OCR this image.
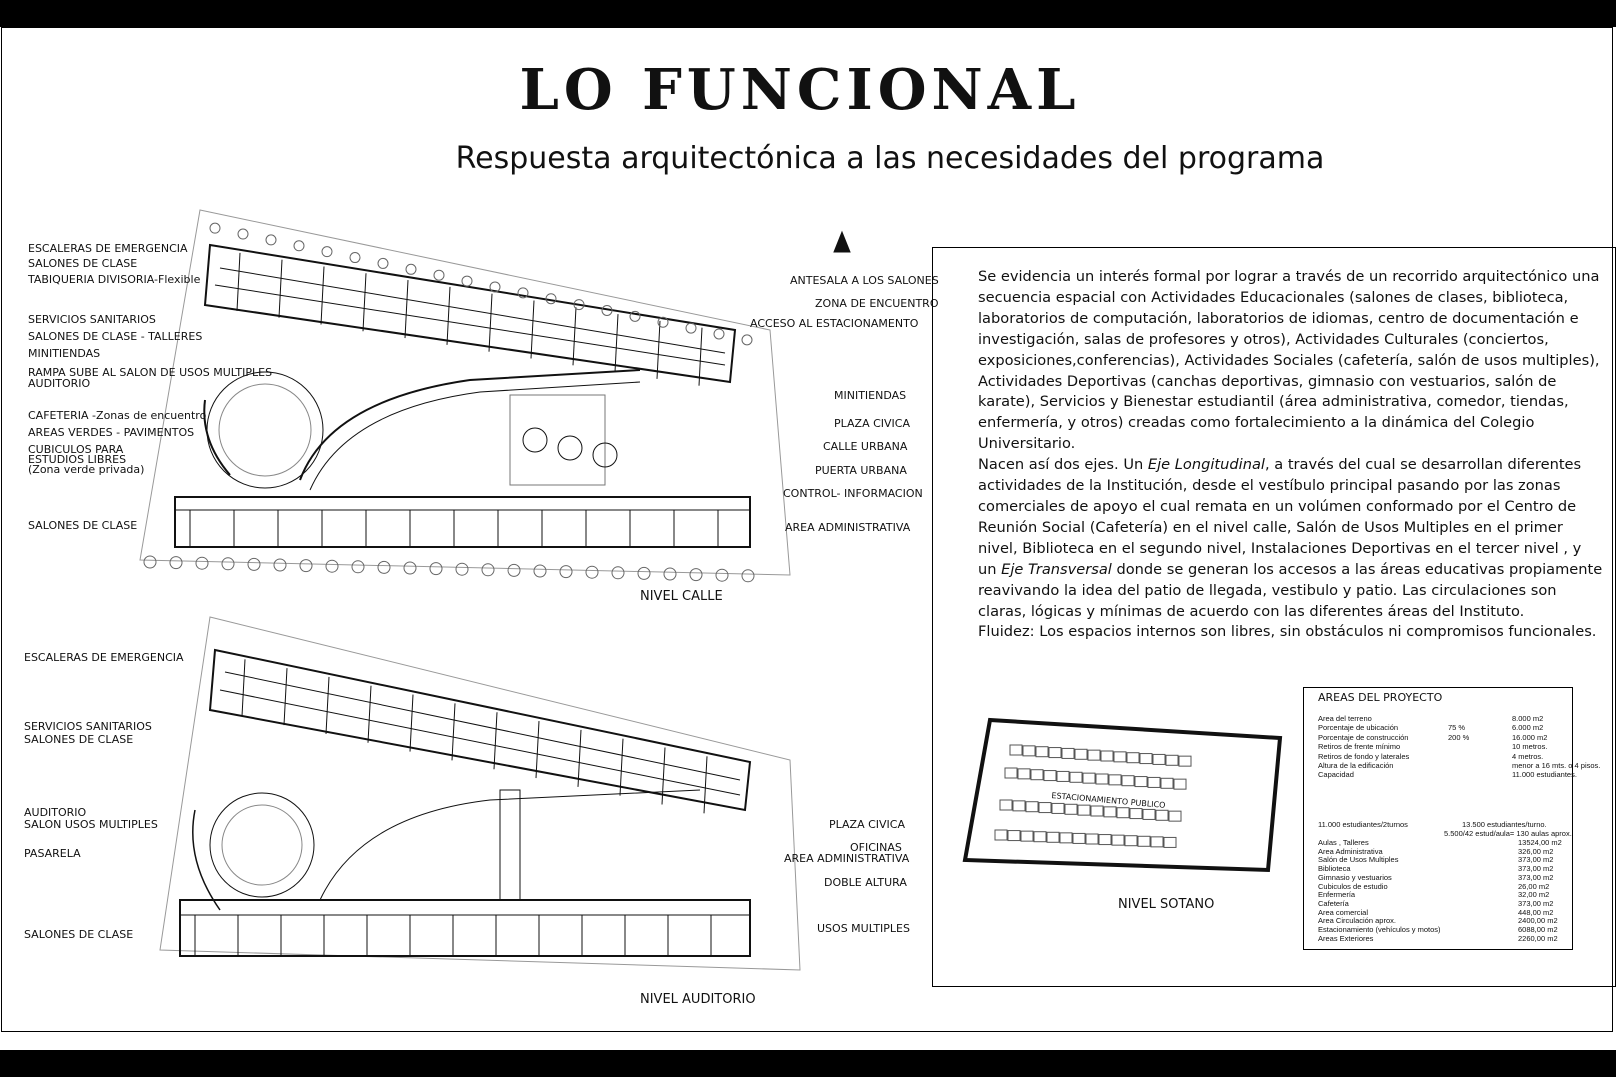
LO FUNCIONAL
Respuesta arquitectónica a las necesidades del programa
ESCALERAS DE EMERGENCIA
SALONES DE CLASE
TABIQUERIA DIVISORIA-Flexible
SERVICIOS SANITARIOS
SALONES DE CLASE - TALLERES
MINITIENDAS
RAMPA SUBE AL SALON DE USOS MULTIPLES
AUDITORIO
CAFETERIA -Zonas de encuentro
AREAS VERDES - PAVIMENTOS
CUBICULOS PARA
ESTUDIOS LIBRES
(Zona verde privada)
SALONES DE CLASE
ANTESALA A LOS SALONES
ZONA DE ENCUENTRO
ACCESO AL ESTACIONAMENTO
MINITIENDAS
PLAZA CIVICA
CALLE URBANA
PUERTA URBANA
CONTROL- INFORMACION
AREA ADMINISTRATIVA
NIVEL CALLE
ESCALERAS DE EMERGENCIA
SERVICIOS SANITARIOS
SALONES DE CLASE
AUDITORIO
SALON USOS MULTIPLES
PASARELA
SALONES DE CLASE
PLAZA CIVICA
OFICINAS
AREA ADMINISTRATIVA
DOBLE ALTURA
USOS MULTIPLES
NIVEL AUDITORIO

Se evidencia un interés formal por lograr a través de un recorrido arquitectónico una secuencia espacial con Actividades Educacionales (salones de clases, biblioteca, laboratorios de computación, laboratorios de idiomas, centro de documentación e investigación, salas de profesores y otros), Actividades Culturales (conciertos, exposiciones,conferencias), Actividades Sociales (cafetería, salón de usos multiples), Actividades Deportivas (canchas deportivas, gimnasio con vestuarios, salón de karate), Servicios y Bienestar estudiantil (área administrativa, comedor, tiendas, enfermería, y otros) creadas como fortalecimiento a la dinámica del Colegio Universitario.

Nacen así dos ejes. Un Eje Longitudinal, a través del cual se desarrollan diferentes actividades de la Institución, desde el vestíbulo principal pasando por las zonas comerciales de apoyo el cual remata en un volúmen conformado por el Centro de Reunión Social (Cafetería) en el nivel calle, Salón de Usos Multiples en el primer nivel, Biblioteca en el segundo nivel, Instalaciones Deportivas en el tercer nivel , y un Eje Transversal donde se generan los accesos a las áreas educativas propiamente reavivando la idea del patio de llegada, vestibulo y patio. Las circulaciones son claras, lógicas y mínimas de acuerdo con las diferentes áreas del Instituto.

Fluidez: Los espacios internos son libres, sin obstáculos ni compromisos funcionales.

ESTACIONAMIENTO PUBLICO
NIVEL SOTANO
AREAS DEL PROYECTO
Area del terreno	8.000 m2
Porcentaje de ubicación	75 %	6.000 m2
Porcentaje de construcción	200 %	16.000 m2
Retiros de frente mínimo	10 metros.
Retiros de fondo y laterales	4 metros.
Altura de la edificación	menor a 16 mts. o 4 pisos.
Capacidad	11.000 estudiantes.
11.000 estudiantes/2turnos	13.500 estudiantes/turno.
5.500/42 estud/aula= 130 aulas aprox.
Aulas , Talleres	13524,00 m2
Area Administrativa	326,00 m2
Salón de Usos Multiples	373,00 m2
Biblioteca	373,00 m2
Gimnasio y vestuarios	373,00 m2
Cubiculos de estudio	26,00 m2
Enfermería	32,00 m2
Cafetería	373,00 m2
Area comercial	448,00 m2
Area Circulación aprox.	2400,00 m2
Estacionamiento (vehículos y motos)	6088,00 m2
Areas Exteriores	2260,00 m2
